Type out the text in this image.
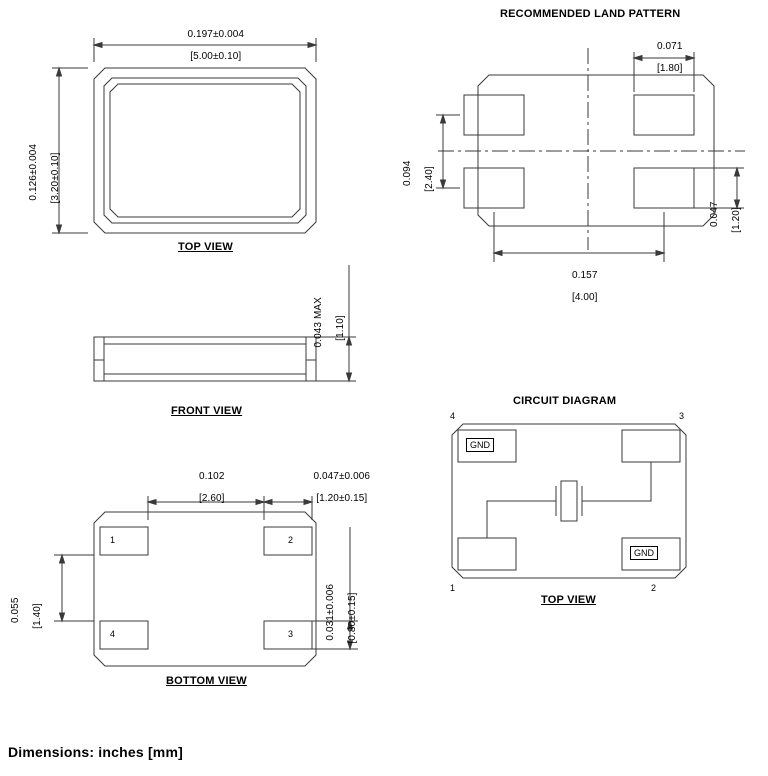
0.197±0.004

[5.00±0.10]

0.126±0.004
[3.20±0.10]

TOP VIEW

0.043 MAX
[1.10]

FRONT VIEW

0.102

[2.60]

0.047±0.006

[1.20±0.15]

0.055
[1.40]

	0.031±0.006
[0.80±0.15]

1	2
3
4
BOTTOM VIEW
RECOMMENDED LAND PATTERN

0.071

[1.80]

0.094
[2.40]

0.047
[1.20]

0.157

[4.00]

CIRCUIT DIAGRAM
4	3
1	2
GND
GND
TOP VIEW
Dimensions: inches [mm]
